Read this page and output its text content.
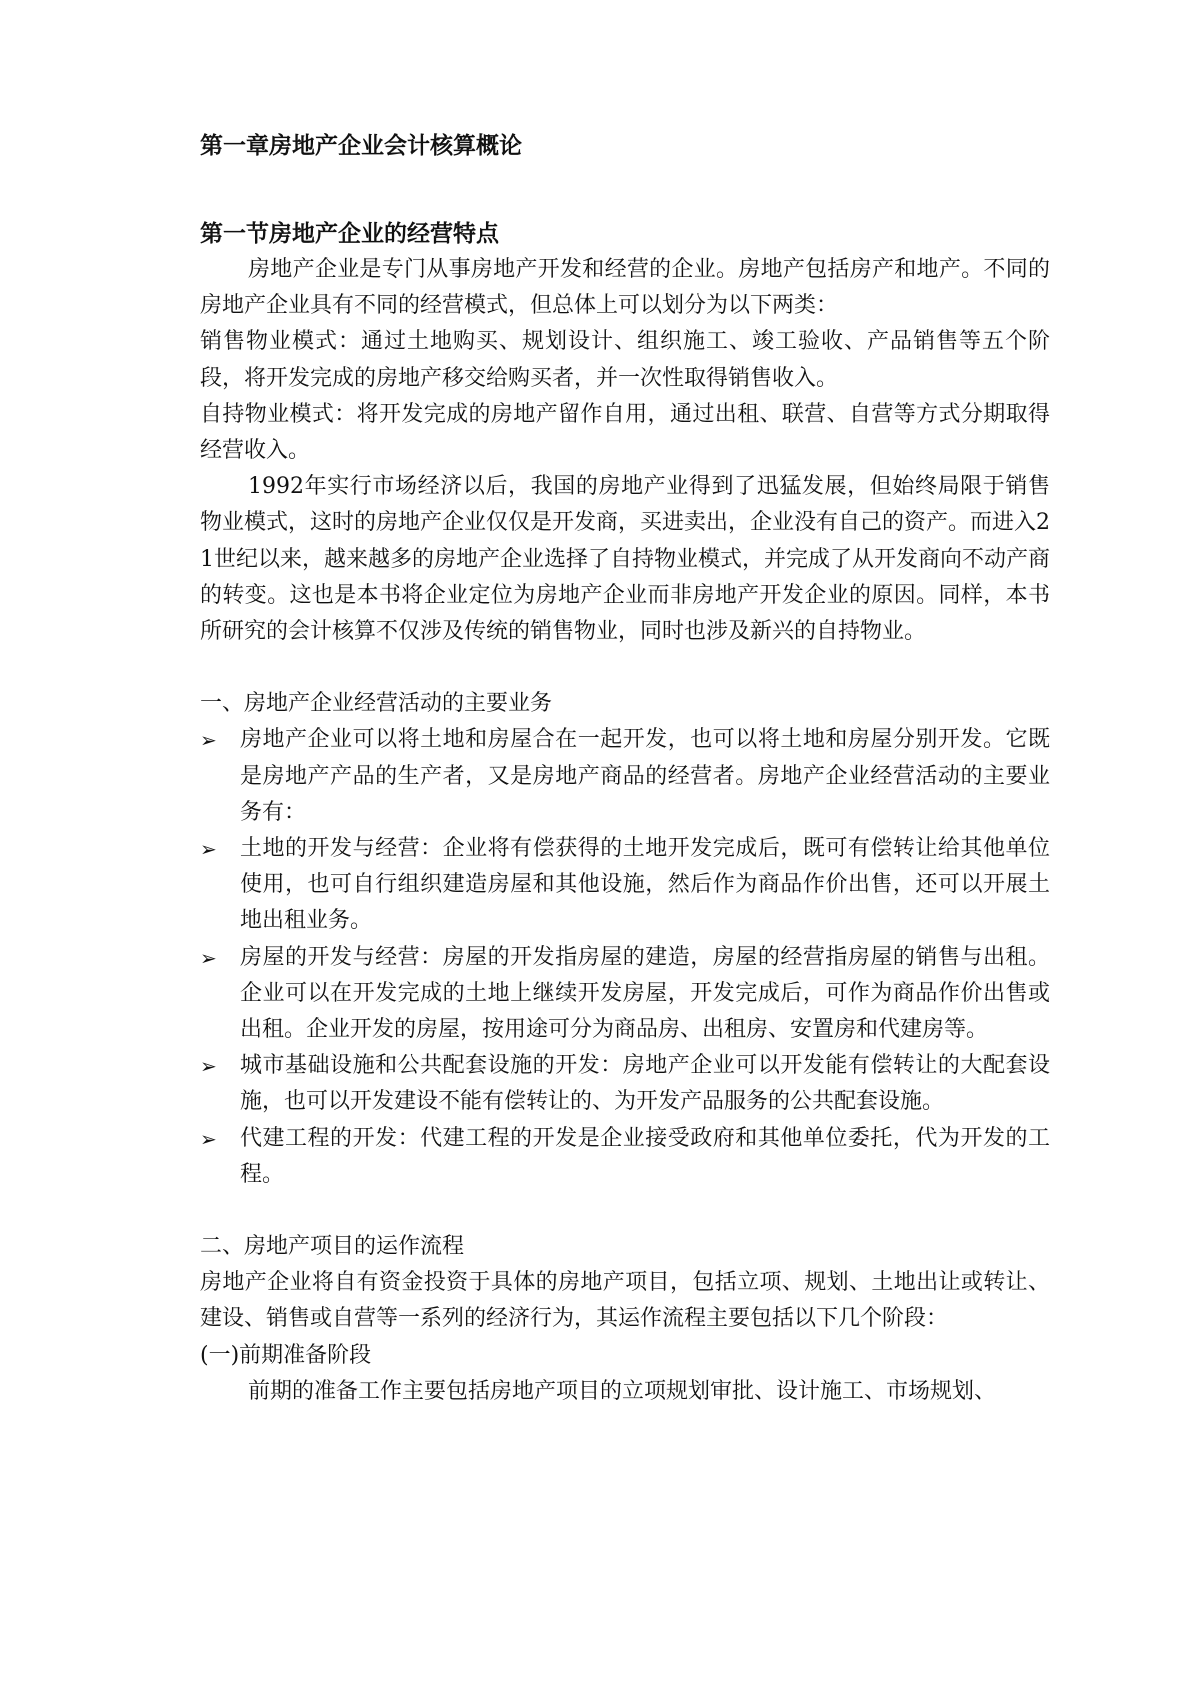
第一章房地产企业会计核算概论
第一节房地产企业的经营特点

房地产企业是专门从事房地产开发和经营的企业。房地产包括房产和地产。不同的房地产企业具有不同的经营模式，但总体上可以划分为以下两类：

销售物业模式：通过土地购买、规划设计、组织施工、竣工验收、产品销售等五个阶段，将开发完成的房地产移交给购买者，并一次性取得销售收入。

自持物业模式：将开发完成的房地产留作自用，通过出租、联营、自营等方式分期取得经营收入。

1992年实行市场经济以后，我国的房地产业得到了迅猛发展，但始终局限于销售物业模式，这时的房地产企业仅仅是开发商，买进卖出，企业没有自己的资产。而进入21世纪以来，越来越多的房地产企业选择了自持物业模式，并完成了从开发商向不动产商的转变。这也是本书将企业定位为房地产企业而非房地产开发企业的原因。同样，本书所研究的会计核算不仅涉及传统的销售物业，同时也涉及新兴的自持物业。

一、房地产企业经营活动的主要业务

➢ 房地产企业可以将土地和房屋合在一起开发，也可以将土地和房屋分别开发。它既是房地产产品的生产者，又是房地产商品的经营者。房地产企业经营活动的主要业务有：
➢ 土地的开发与经营：企业将有偿获得的土地开发完成后，既可有偿转让给其他单位使用，也可自行组织建造房屋和其他设施，然后作为商品作价出售，还可以开展土地出租业务。
➢ 房屋的开发与经营：房屋的开发指房屋的建造，房屋的经营指房屋的销售与出租。企业可以在开发完成的土地上继续开发房屋，开发完成后，可作为商品作价出售或出租。企业开发的房屋，按用途可分为商品房、出租房、安置房和代建房等。
➢ 城市基础设施和公共配套设施的开发：房地产企业可以开发能有偿转让的大配套设施，也可以开发建设不能有偿转让的、为开发产品服务的公共配套设施。
➢ 代建工程的开发：代建工程的开发是企业接受政府和其他单位委托，代为开发的工程。

二、房地产项目的运作流程

房地产企业将自有资金投资于具体的房地产项目，包括立项、规划、土地出让或转让、建设、销售或自营等一系列的经济行为，其运作流程主要包括以下几个阶段：

(一)前期准备阶段

前期的准备工作主要包括房地产项目的立项规划审批、设计施工、市场规划、
